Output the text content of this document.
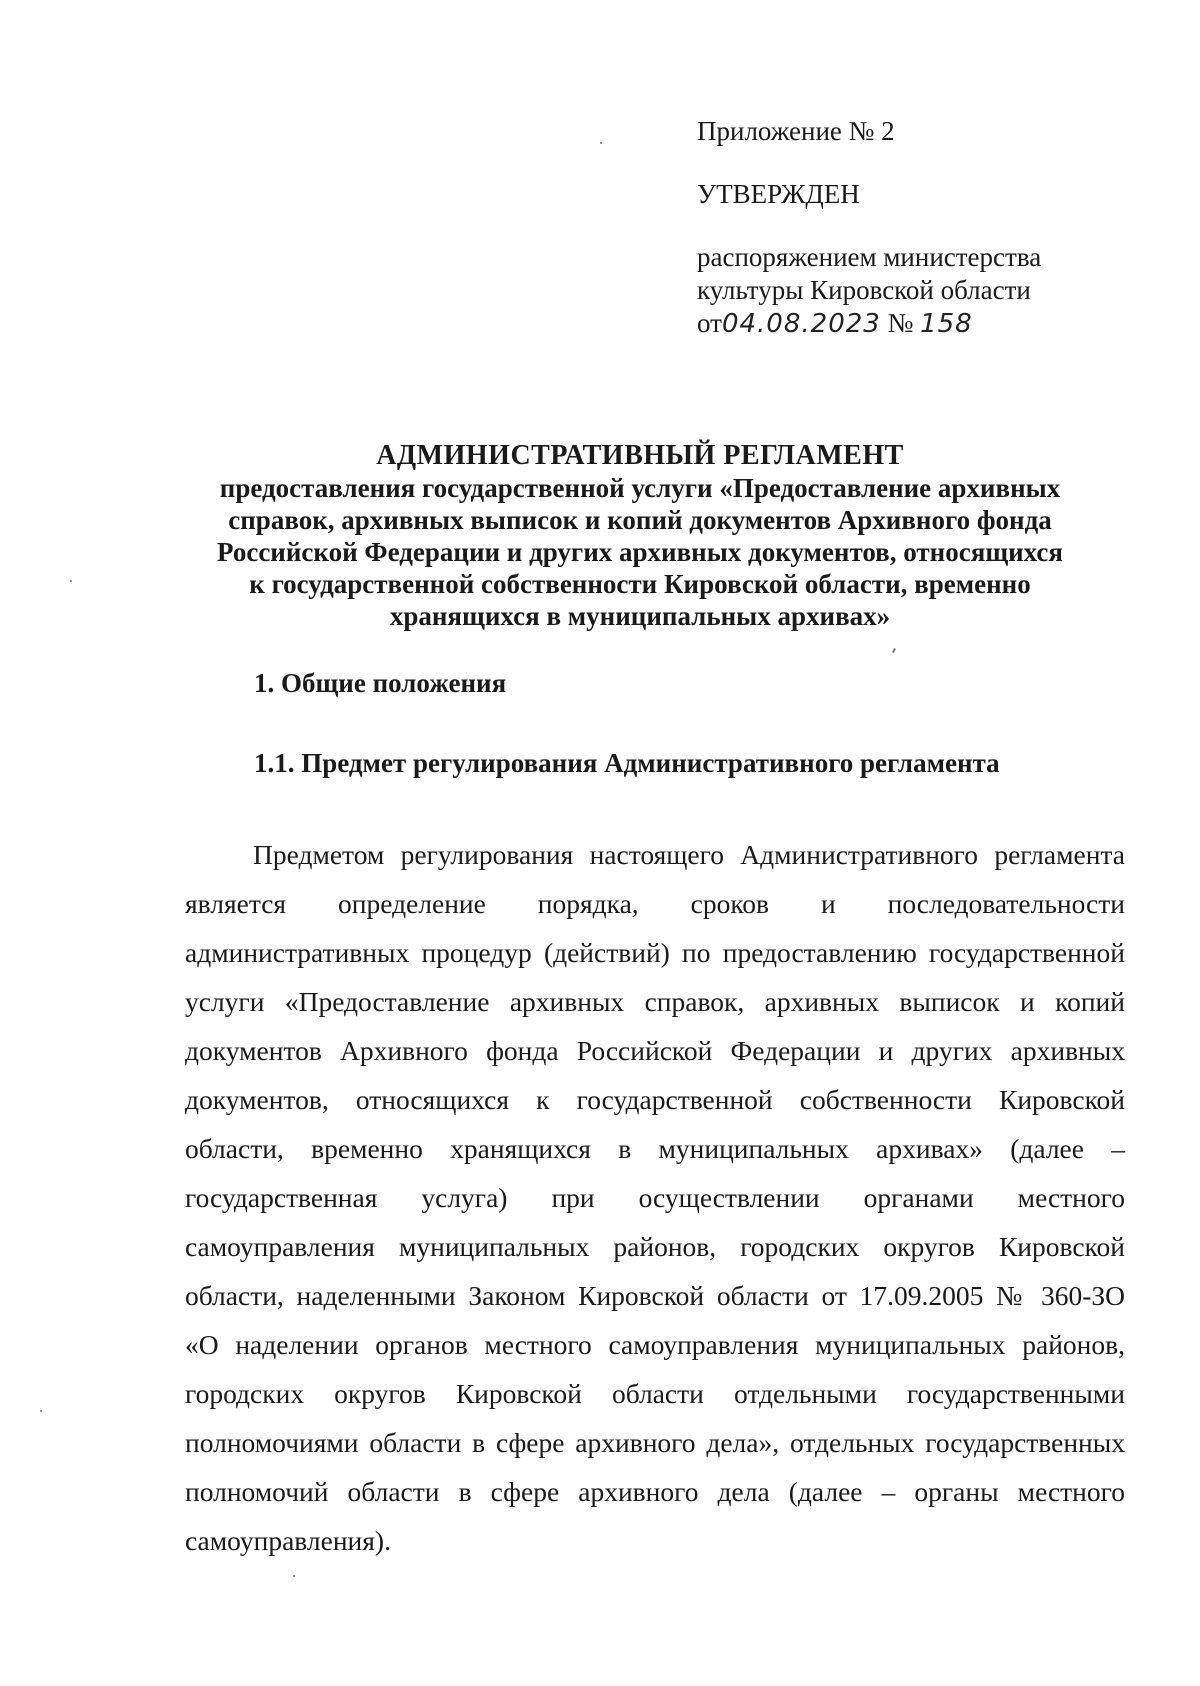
Приложение № 2
УТВЕРЖДЕН
распоряжением министерства
культуры Кировской области
от04.08.2023 № 158
АДМИНИСТРАТИВНЫЙ РЕГЛАМЕНТ
предоставления государственной услуги «Предоставление архивных
справок, архивных выписок и копий документов Архивного фонда
Российской Федерации и других архивных документов, относящихся
к государственной собственности Кировской области, временно
хранящихся в муниципальных архивах»
1. Общие положения
1.1. Предмет регулирования Административного регламента
Предметом регулирования настоящего Административного регламента
является определение порядка, сроков и последовательности
административных процедур (действий) по предоставлению государственной
услуги «Предоставление архивных справок, архивных выписок и копий
документов Архивного фонда Российской Федерации и других архивных
документов, относящихся к государственной собственности Кировской
области, временно хранящихся в муниципальных архивах» (далее –
государственная услуга) при осуществлении органами местного
самоуправления муниципальных районов, городских округов Кировской
области, наделенными Законом Кировской области от 17.09.2005 № 360-ЗО
«О наделении органов местного самоуправления муниципальных районов,
городских округов Кировской области отдельными государственными
полномочиями области в сфере архивного дела», отдельных государственных
полномочий области в сфере архивного дела (далее – органы местного
самоуправления).
